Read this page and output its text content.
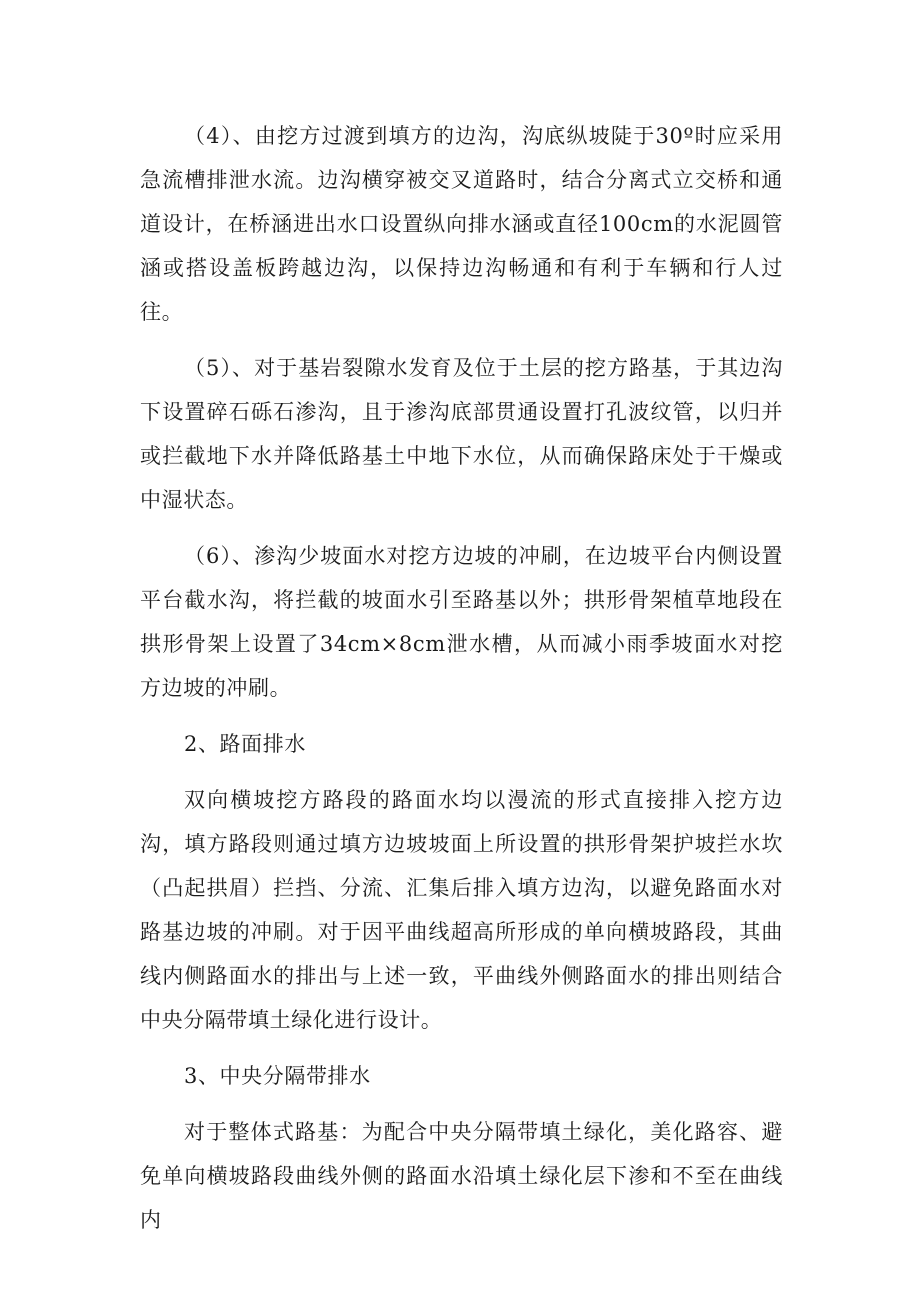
（4）、由挖方过渡到填方的边沟，沟底纵坡陡于30º时应采用急流槽排泄水流。边沟横穿被交叉道路时，结合分离式立交桥和通道设计，在桥涵进出水口设置纵向排水涵或直径100cm的水泥圆管涵或搭设盖板跨越边沟，以保持边沟畅通和有利于车辆和行人过往。

（5）、对于基岩裂隙水发育及位于土层的挖方路基，于其边沟下设置碎石砾石渗沟，且于渗沟底部贯通设置打孔波纹管，以归并或拦截地下水并降低路基土中地下水位，从而确保路床处于干燥或中湿状态。

（6）、渗沟少坡面水对挖方边坡的冲刷，在边坡平台内侧设置平台截水沟，将拦截的坡面水引至路基以外；拱形骨架植草地段在拱形骨架上设置了34cm×8cm泄水槽，从而减小雨季坡面水对挖方边坡的冲刷。

2、路面排水

双向横坡挖方路段的路面水均以漫流的形式直接排入挖方边沟，填方路段则通过填方边坡坡面上所设置的拱形骨架护坡拦水坎（凸起拱眉）拦挡、分流、汇集后排入填方边沟，以避免路面水对路基边坡的冲刷。对于因平曲线超高所形成的单向横坡路段，其曲线内侧路面水的排出与上述一致，平曲线外侧路面水的排出则结合中央分隔带填土绿化进行设计。

3、中央分隔带排水

对于整体式路基：为配合中央分隔带填土绿化，美化路容、避免单向横坡路段曲线外侧的路面水沿填土绿化层下渗和不至在曲线内
